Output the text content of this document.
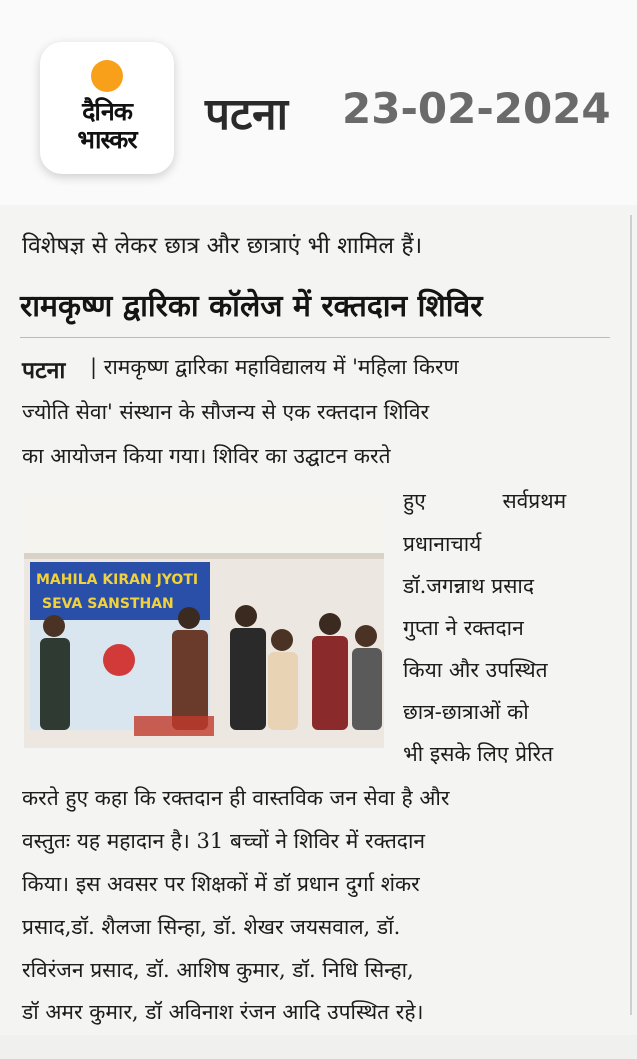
दैनिक
भास्कर	पटना 23-02-2024
विशेषज्ञ से लेकर छात्र और छात्राएं भी शामिल हैं।
रामकृष्ण द्वारिका कॉलेज में रक्तदान शिविर
पटना | रामकृष्ण द्वारिका महाविद्यालय में 'महिला किरण
ज्योति सेवा' संस्थान के सौजन्य से एक रक्तदान शिविर
का आयोजन किया गया। शिविर का उद्घाटन करते
हुए सर्वप्रथम
प्रधानाचार्य
डॉ.जगन्नाथ प्रसाद
गुप्ता ने रक्तदान
किया और उपस्थित
छात्र-छात्राओं को
भी इसके लिए प्रेरित
MAHILA KIRAN JYOTI
SEVA SANSTHAN
करते हुए कहा कि रक्तदान ही वास्तविक जन सेवा है और
वस्तुतः यह महादान है। 31 बच्चों ने शिविर में रक्तदान
किया। इस अवसर पर शिक्षकों में डॉ प्रधान दुर्गा शंकर
प्रसाद,डॉ. शैलजा सिन्हा, डॉ. शेखर जयसवाल, डॉ.
रविरंजन प्रसाद, डॉ. आशिष कुमार, डॉ. निधि सिन्हा,
डॉ अमर कुमार, डॉ अविनाश रंजन आदि उपस्थित रहे।
